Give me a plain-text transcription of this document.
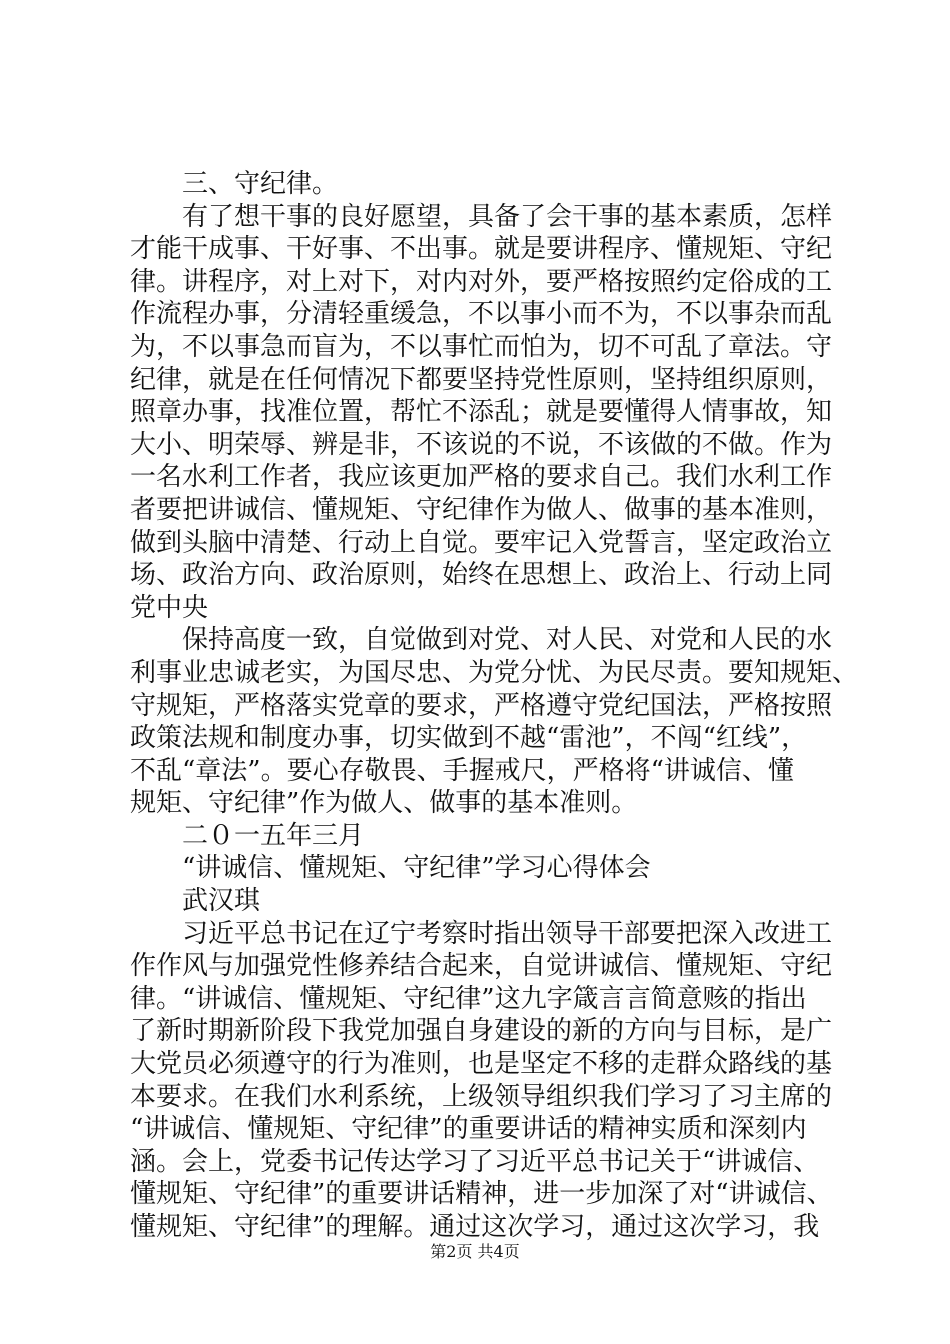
三、守纪律。
有了想干事的良好愿望，具备了会干事的基本素质，怎样
才能干成事、干好事、不出事。就是要讲程序、懂规矩、守纪
律。讲程序，对上对下，对内对外，要严格按照约定俗成的工
作流程办事，分清轻重缓急，不以事小而不为，不以事杂而乱
为，不以事急而盲为，不以事忙而怕为，切不可乱了章法。守
纪律，就是在任何情况下都要坚持党性原则，坚持组织原则，
照章办事，找准位置，帮忙不添乱；就是要懂得人情事故，知
大小、明荣辱、辨是非，不该说的不说，不该做的不做。作为
一名水利工作者，我应该更加严格的要求自己。我们水利工作
者要把讲诚信、懂规矩、守纪律作为做人、做事的基本准则，
做到头脑中清楚、行动上自觉。要牢记入党誓言，坚定政治立
场、政治方向、政治原则，始终在思想上、政治上、行动上同
党中央
保持高度一致，自觉做到对党、对人民、对党和人民的水
利事业忠诚老实，为国尽忠、为党分忧、为民尽责。要知规矩、
守规矩，严格落实党章的要求，严格遵守党纪国法，严格按照
政策法规和制度办事，切实做到不越“雷池”，不闯“红线”，
不乱“章法”。要心存敬畏、手握戒尺，严格将“讲诚信、懂
规矩、守纪律”作为做人、做事的基本准则。
二０一五年三月
“讲诚信、懂规矩、守纪律”学习心得体会
武汉琪
习近平总书记在辽宁考察时指出领导干部要把深入改进工
作作风与加强党性修养结合起来，自觉讲诚信、懂规矩、守纪
律。“讲诚信、懂规矩、守纪律”这九字箴言言简意赅的指出
了新时期新阶段下我党加强自身建设的新的方向与目标，是广
大党员必须遵守的行为准则，也是坚定不移的走群众路线的基
本要求。在我们水利系统，上级领导组织我们学习了习主席的
“讲诚信、懂规矩、守纪律”的重要讲话的精神实质和深刻内
涵。会上，党委书记传达学习了习近平总书记关于“讲诚信、
懂规矩、守纪律”的重要讲话精神，进一步加深了对“讲诚信、
懂规矩、守纪律”的理解。通过这次学习，通过这次学习，我
第2页 共4页
